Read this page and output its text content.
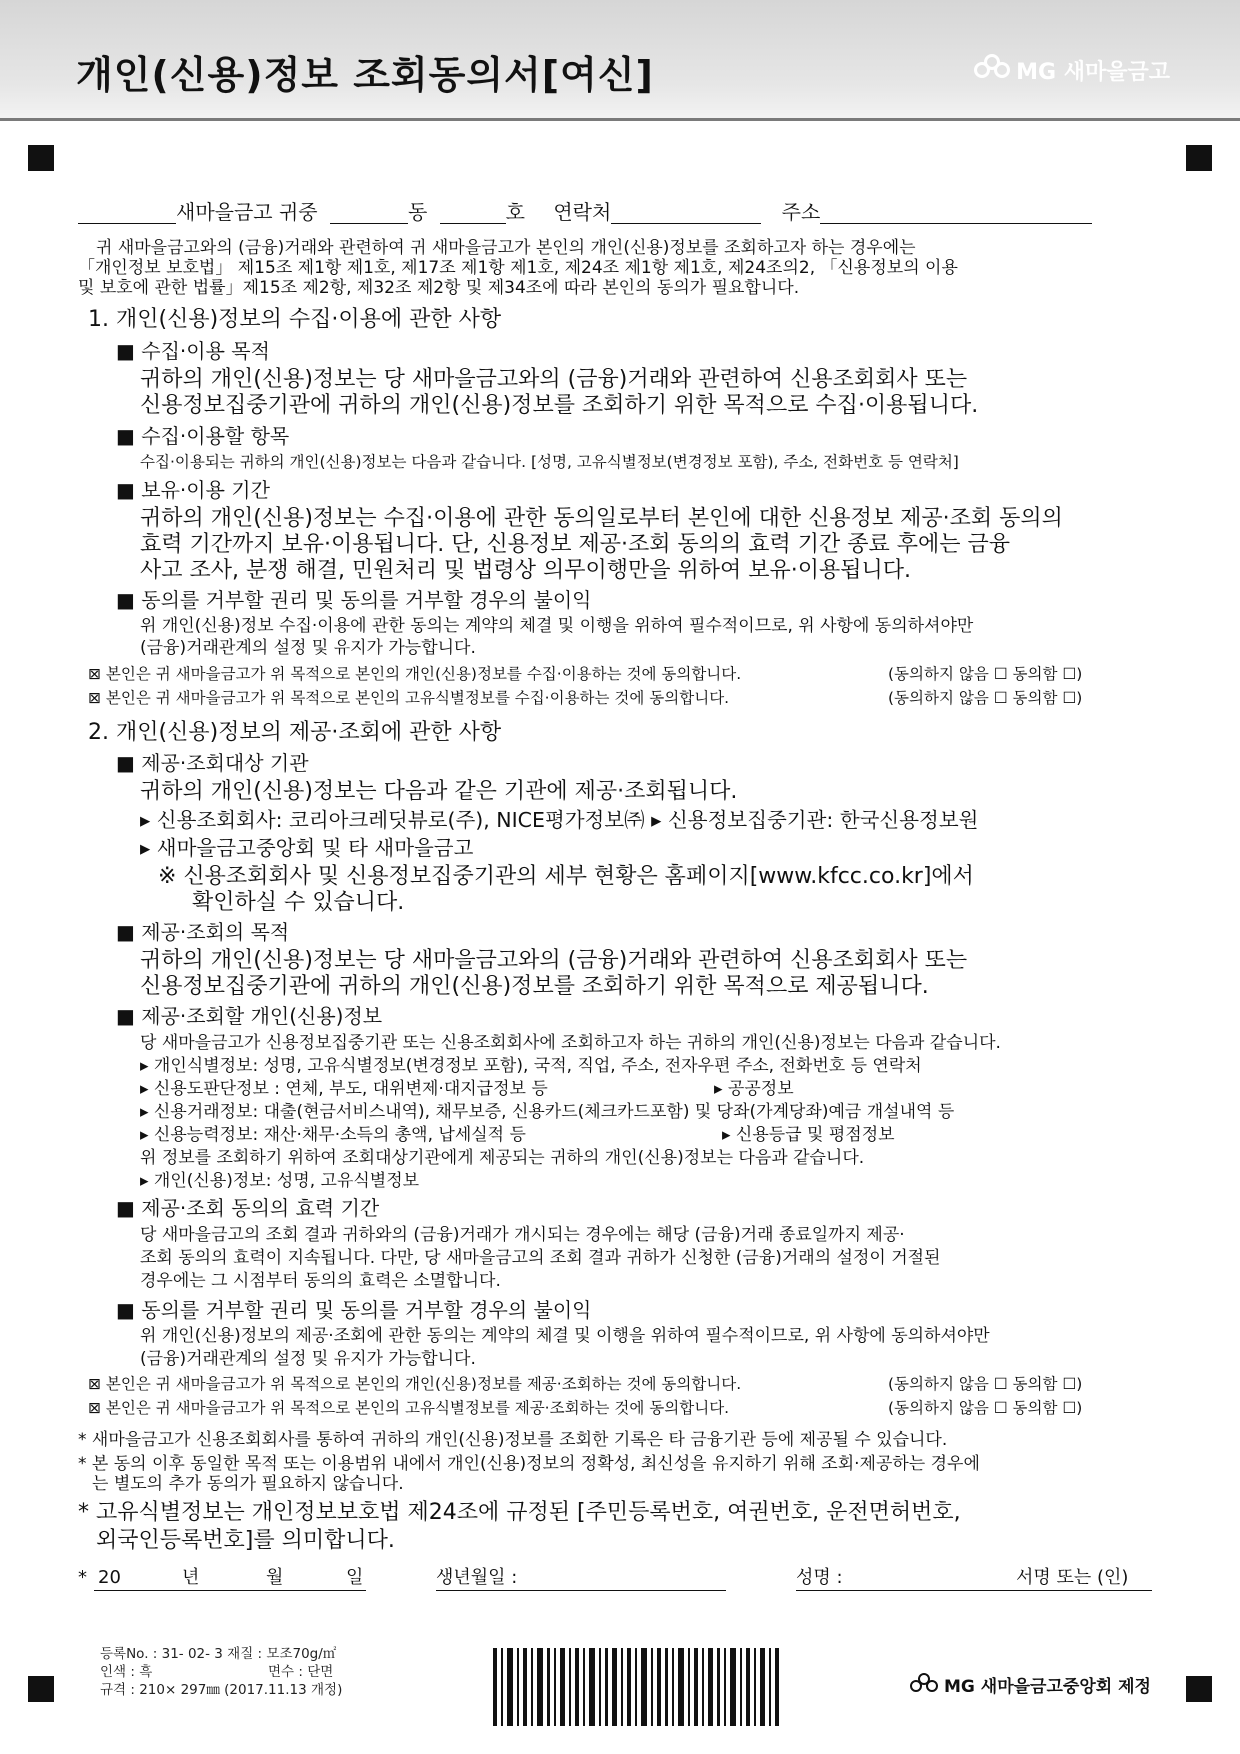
개인(신용)정보 조회동의서[여신]	MG 새마을금고
새마을금고 귀중	동	호 연락처	주소
귀 새마을금고와의 (금융)거래와 관련하여 귀 새마을금고가 본인의 개인(신용)정보를 조회하고자 하는 경우에는
「개인정보 보호법」 제15조 제1항 제1호, 제17조 제1항 제1호, 제24조 제1항 제1호, 제24조의2, 「신용정보의 이용
및 보호에 관한 법률」제15조 제2항, 제32조 제2항 및 제34조에 따라 본인의 동의가 필요합니다.
1. 개인(신용)정보의 수집·이용에 관한 사항
■ 수집·이용 목적
귀하의 개인(신용)정보는 당 새마을금고와의 (금융)거래와 관련하여 신용조회회사 또는
신용정보집중기관에 귀하의 개인(신용)정보를 조회하기 위한 목적으로 수집·이용됩니다.
■ 수집·이용할 항목
수집·이용되는 귀하의 개인(신용)정보는 다음과 같습니다. [성명, 고유식별정보(변경정보 포함), 주소, 전화번호 등 연락처]
■ 보유·이용 기간
귀하의 개인(신용)정보는 수집·이용에 관한 동의일로부터 본인에 대한 신용정보 제공·조회 동의의
효력 기간까지 보유·이용됩니다. 단, 신용정보 제공·조회 동의의 효력 기간 종료 후에는 금융
사고 조사, 분쟁 해결, 민원처리 및 법령상 의무이행만을 위하여 보유·이용됩니다.
■ 동의를 거부할 권리 및 동의를 거부할 경우의 불이익
위 개인(신용)정보 수집·이용에 관한 동의는 계약의 체결 및 이행을 위하여 필수적이므로, 위 사항에 동의하셔야만
(금융)거래관계의 설정 및 유지가 가능합니다.
⊠ 본인은 귀 새마을금고가 위 목적으로 본인의 개인(신용)정보를 수집·이용하는 것에 동의합니다.	(동의하지 않음 ☐ 동의함 ☐)
⊠ 본인은 귀 새마을금고가 위 목적으로 본인의 고유식별정보를 수집·이용하는 것에 동의합니다.	(동의하지 않음 ☐ 동의함 ☐)
2. 개인(신용)정보의 제공·조회에 관한 사항
■ 제공·조회대상 기관
귀하의 개인(신용)정보는 다음과 같은 기관에 제공·조회됩니다.
▸ 신용조회회사: 코리아크레딧뷰로(주), NICE평가정보㈜ ▸ 신용정보집중기관: 한국신용정보원
▸ 새마을금고중앙회 및 타 새마을금고
※ 신용조회회사 및 신용정보집중기관의 세부 현황은 홈페이지[www.kfcc.co.kr]에서
확인하실 수 있습니다.
■ 제공·조회의 목적
귀하의 개인(신용)정보는 당 새마을금고와의 (금융)거래와 관련하여 신용조회회사 또는
신용정보집중기관에 귀하의 개인(신용)정보를 조회하기 위한 목적으로 제공됩니다.
■ 제공·조회할 개인(신용)정보
당 새마을금고가 신용정보집중기관 또는 신용조회회사에 조회하고자 하는 귀하의 개인(신용)정보는 다음과 같습니다.
▸ 개인식별정보: 성명, 고유식별정보(변경정보 포함), 국적, 직업, 주소, 전자우편 주소, 전화번호 등 연락처
▸ 신용도판단정보 : 연체, 부도, 대위변제·대지급정보 등	▸ 공공정보
▸ 신용거래정보: 대출(현금서비스내역), 채무보증, 신용카드(체크카드포함) 및 당좌(가계당좌)예금 개설내역 등
▸ 신용능력정보: 재산·채무·소득의 총액, 납세실적 등	▸ 신용등급 및 평점정보
위 정보를 조회하기 위하여 조회대상기관에게 제공되는 귀하의 개인(신용)정보는 다음과 같습니다.
▸ 개인(신용)정보: 성명, 고유식별정보
■ 제공·조회 동의의 효력 기간
당 새마을금고의 조회 결과 귀하와의 (금융)거래가 개시되는 경우에는 해당 (금융)거래 종료일까지 제공·
조회 동의의 효력이 지속됩니다. 다만, 당 새마을금고의 조회 결과 귀하가 신청한 (금융)거래의 설정이 거절된
경우에는 그 시점부터 동의의 효력은 소멸합니다.
■ 동의를 거부할 권리 및 동의를 거부할 경우의 불이익
위 개인(신용)정보의 제공·조회에 관한 동의는 계약의 체결 및 이행을 위하여 필수적이므로, 위 사항에 동의하셔야만
(금융)거래관계의 설정 및 유지가 가능합니다.
⊠ 본인은 귀 새마을금고가 위 목적으로 본인의 개인(신용)정보를 제공·조회하는 것에 동의합니다.	(동의하지 않음 ☐ 동의함 ☐)
⊠ 본인은 귀 새마을금고가 위 목적으로 본인의 고유식별정보를 제공·조회하는 것에 동의합니다.	(동의하지 않음 ☐ 동의함 ☐)
* 새마을금고가 신용조회회사를 통하여 귀하의 개인(신용)정보를 조회한 기록은 타 금융기관 등에 제공될 수 있습니다.
* 본 동의 이후 동일한 목적 또는 이용범위 내에서 개인(신용)정보의 정확성, 최신성을 유지하기 위해 조회·제공하는 경우에
는 별도의 추가 동의가 필요하지 않습니다.
* 고유식별정보는 개인정보보호법 제24조에 규정된 [주민등록번호, 여권번호, 운전면허번호,
외국인등록번호]를 의미합니다.
* 20	년	월	일	생년월일 :	성명 :	서명 또는 (인)
등록No. : 31- 02- 3 재질 : 모조70g/㎡
인색 : 흑	면수 : 단면
규격 : 210× 297㎜ (2017.11.13 개정)	MG 새마을금고중앙회 제정
